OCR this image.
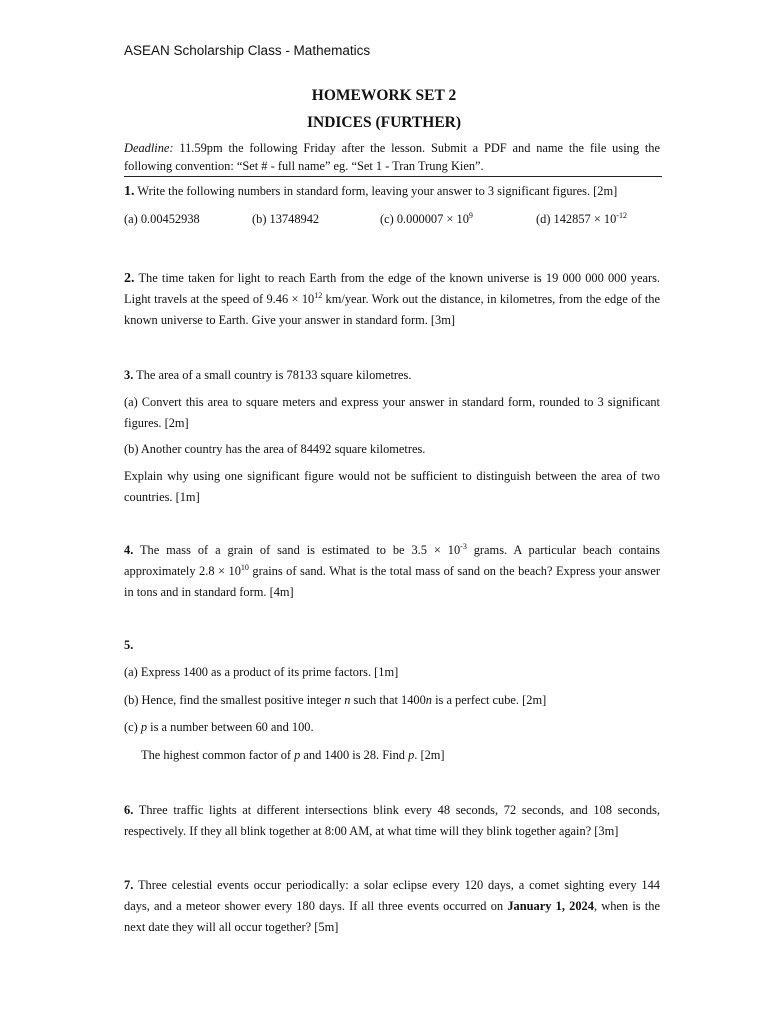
ASEAN Scholarship Class - Mathematics
HOMEWORK SET 2
INDICES (FURTHER)
Deadline: 11.59pm the following Friday after the lesson. Submit a PDF and name the file using the following convention: “Set # - full name” eg. “Set 1 - Tran Trung Kien”.
1. Write the following numbers in standard form, leaving your answer to 3 significant figures. [2m]
(a) 0.00452938	(b) 13748942	(c) $0.000007 \times 10^9$	(d) $142857 \times 10^{-12}$
2. The time taken for light to reach Earth from the edge of the known universe is 19 000 000 000 years. Light travels at the speed of $9.46 \times 10^{12}$ km/year. Work out the distance, in kilometres, from the edge of the known universe to Earth. Give your answer in standard form. [3m]
3. The area of a small country is 78133 square kilometres.
(a) Convert this area to square meters and express your answer in standard form, rounded to 3 significant figures. [2m]
(b) Another country has the area of 84492 square kilometres.
Explain why using one significant figure would not be sufficient to distinguish between the area of two countries. [1m]
4. The mass of a grain of sand is estimated to be $3.5 \times 10^{-3}$ grams. A particular beach contains approximately $2.8 \times 10^{10}$ grains of sand. What is the total mass of sand on the beach? Express your answer in tons and in standard form. [4m]
5.
(a) Express 1400 as a product of its prime factors. [1m]
(b) Hence, find the smallest positive integer n such that 1400n is a perfect cube. [2m]
(c) p is a number between 60 and 100.
The highest common factor of p and 1400 is 28. Find p. [2m]
6. Three traffic lights at different intersections blink every 48 seconds, 72 seconds, and 108 seconds, respectively. If they all blink together at 8:00 AM, at what time will they blink together again? [3m]
7. Three celestial events occur periodically: a solar eclipse every 120 days, a comet sighting every 144 days, and a meteor shower every 180 days. If all three events occurred on January 1, 2024, when is the next date they will all occur together? [5m]
